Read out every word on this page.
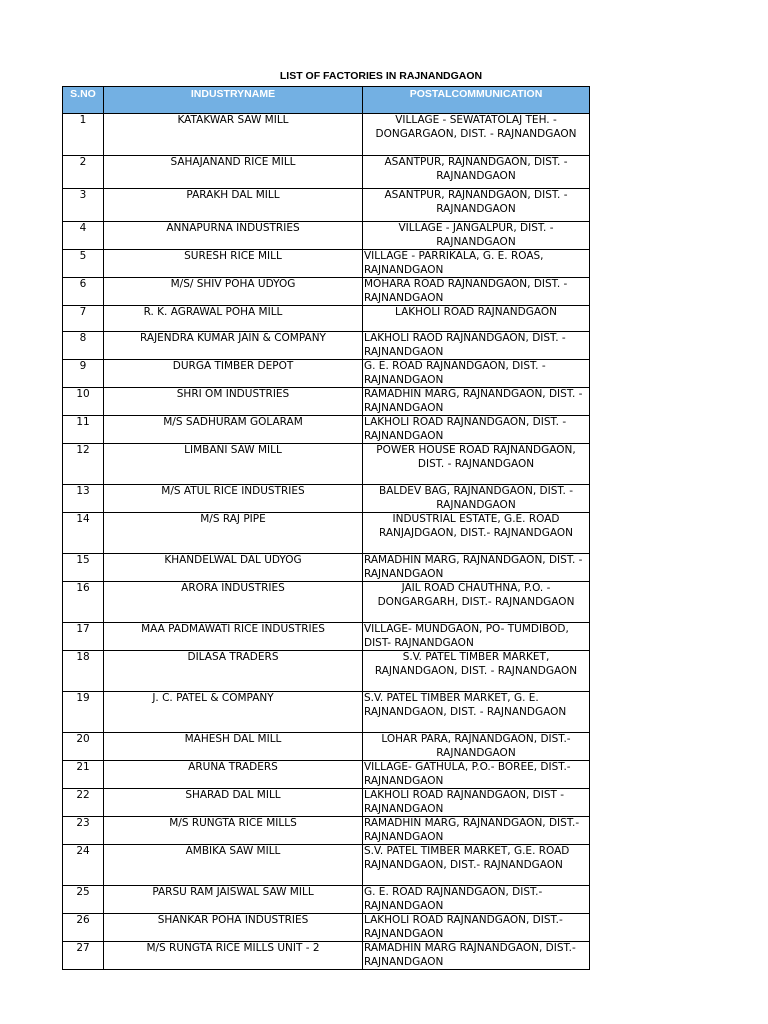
LIST OF FACTORIES IN RAJNANDGAON
S.NO	INDUSTRYNAME	POSTALCOMMUNICATION
1	KATAKWAR SAW MILL	VILLAGE - SEWATATOLAJ TEH. - DONGARGAON, DIST. - RAJNANDGAON
2	SAHAJANAND RICE MILL	ASANTPUR, RAJNANDGAON, DIST. - RAJNANDGAON
3	PARAKH DAL MILL	ASANTPUR, RAJNANDGAON, DIST. - RAJNANDGAON
4	ANNAPURNA INDUSTRIES	VILLAGE - JANGALPUR, DIST. - RAJNANDGAON
5	SURESH RICE MILL	VILLAGE - PARRIKALA, G. E. ROAS, RAJNANDGAON
6	M/S/ SHIV POHA UDYOG	MOHARA ROAD RAJNANDGAON, DIST. - RAJNANDGAON
7	R. K. AGRAWAL POHA MILL	LAKHOLI ROAD RAJNANDGAON
8	RAJENDRA KUMAR JAIN & COMPANY	LAKHOLI RAOD RAJNANDGAON, DIST. - RAJNANDGAON
9	DURGA TIMBER DEPOT	G. E. ROAD RAJNANDGAON, DIST. - RAJNANDGAON
10	SHRI OM INDUSTRIES	RAMADHIN MARG, RAJNANDGAON, DIST. - RAJNANDGAON
11	M/S SADHURAM GOLARAM	LAKHOLI ROAD RAJNANDGAON, DIST. - RAJNANDGAON
12	LIMBANI SAW MILL	POWER HOUSE ROAD RAJNANDGAON, DIST. - RAJNANDGAON
13	M/S ATUL RICE INDUSTRIES	BALDEV BAG, RAJNANDGAON, DIST. - RAJNANDGAON
14	M/S RAJ PIPE	INDUSTRIAL ESTATE, G.E. ROAD RANJAJDGAON, DIST.- RAJNANDGAON
15	KHANDELWAL DAL UDYOG	RAMADHIN MARG, RAJNANDGAON, DIST. - RAJNANDGAON
16	ARORA INDUSTRIES	JAIL ROAD CHAUTHNA, P.O. - DONGARGARH, DIST.- RAJNANDGAON
17	MAA PADMAWATI RICE INDUSTRIES	VILLAGE- MUNDGAON, PO- TUMDIBOD, DIST- RAJNANDGAON
18	DILASA TRADERS	S.V. PATEL TIMBER MARKET, RAJNANDGAON, DIST. - RAJNANDGAON
19	J. C. PATEL & COMPANY	S.V. PATEL TIMBER MARKET, G. E. RAJNANDGAON, DIST. - RAJNANDGAON
20	MAHESH DAL MILL	LOHAR PARA, RAJNANDGAON, DIST.- RAJNANDGAON
21	ARUNA TRADERS	VILLAGE- GATHULA, P.O.- BOREE, DIST.- RAJNANDGAON
22	SHARAD DAL MILL	LAKHOLI ROAD RAJNANDGAON, DIST - RAJNANDGAON
23	M/S RUNGTA RICE MILLS	RAMADHIN MARG, RAJNANDGAON, DIST.- RAJNANDGAON
24	AMBIKA SAW MILL	S.V. PATEL TIMBER MARKET, G.E. ROAD RAJNANDGAON, DIST.- RAJNANDGAON
25	PARSU RAM JAISWAL SAW MILL	G. E. ROAD RAJNANDGAON, DIST.- RAJNANDGAON
26	SHANKAR POHA INDUSTRIES	LAKHOLI ROAD RAJNANDGAON, DIST.- RAJNANDGAON
27	M/S RUNGTA RICE MILLS UNIT - 2	RAMADHIN MARG RAJNANDGAON, DIST.- RAJNANDGAON
